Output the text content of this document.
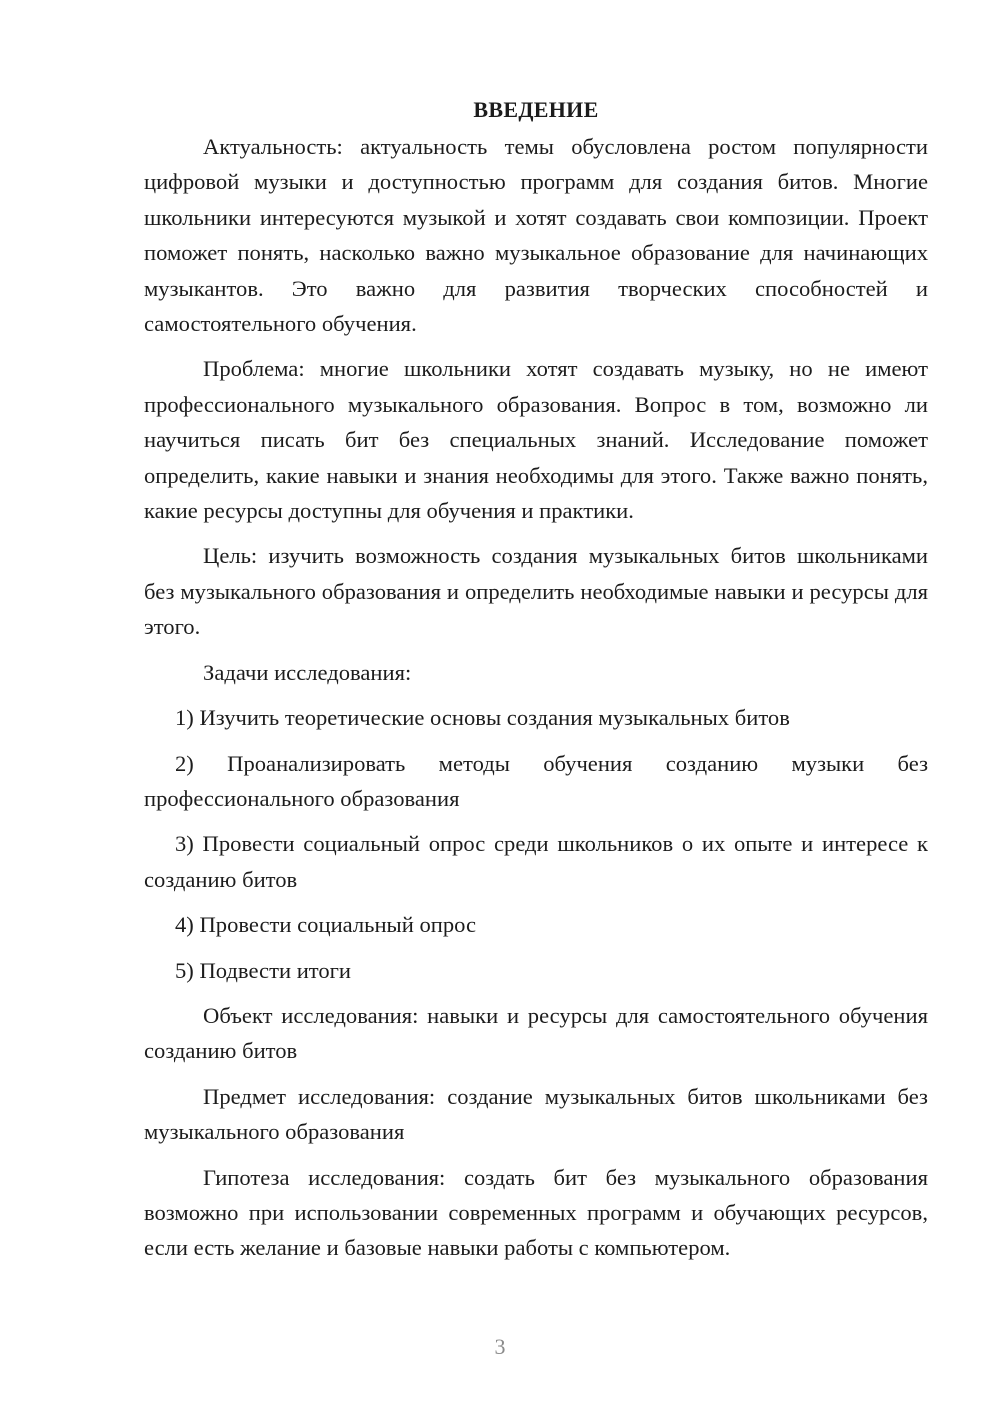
ВВЕДЕНИЕ

Актуальность: актуальность темы обусловлена ростом популярности цифровой музыки и доступностью программ для создания битов. Многие школьники интересуются музыкой и хотят создавать свои композиции. Проект поможет понять, насколько важно музыкальное образование для начинающих музыкантов. Это важно для развития творческих способностей и самостоятельного обучения.

Проблема: многие школьники хотят создавать музыку, но не имеют профессионального музыкального образования. Вопрос в том, возможно ли научиться писать бит без специальных знаний. Исследование поможет определить, какие навыки и знания необходимы для этого. Также важно понять, какие ресурсы доступны для обучения и практики.

Цель: изучить возможность создания музыкальных битов школьниками без музыкального образования и определить необходимые навыки и ресурсы для этого.

Задачи исследования:

1) Изучить теоретические основы создания музыкальных битов

2) Проанализировать методы обучения созданию музыки без профессионального образования

3) Провести социальный опрос среди школьников о их опыте и интересе к созданию битов

4) Провести социальный опрос

5) Подвести итоги

Объект исследования: навыки и ресурсы для самостоятельного обучения созданию битов

Предмет исследования: создание музыкальных битов школьниками без музыкального образования

Гипотеза исследования: создать бит без музыкального образования возможно при использовании современных программ и обучающих ресурсов, если есть желание и базовые навыки работы с компьютером.

3
